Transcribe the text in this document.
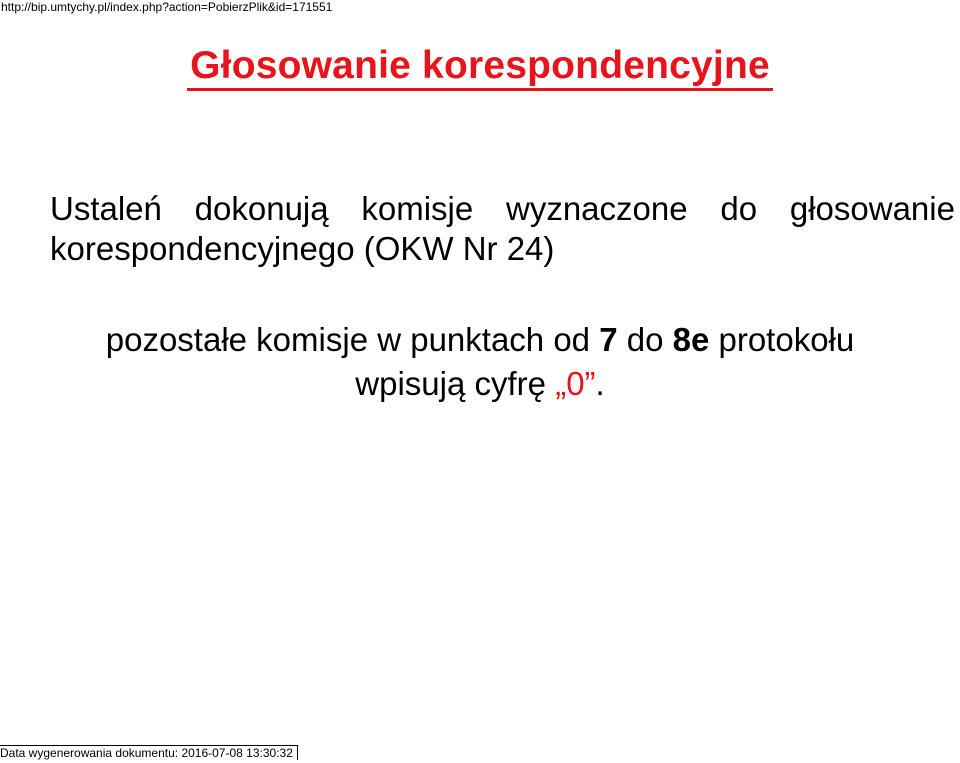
http://bip.umtychy.pl/index.php?action=PobierzPlik&id=171551
Głosowanie korespondencyjne
Ustaleń dokonują komisje wyznaczone do głosowanie
korespondencyjnego (OKW Nr 24)
pozostałe komisje w punktach od 7 do 8e protokołu
wpisują cyfrę „0”.
Data wygenerowania dokumentu: 2016-07-08 13:30:32
